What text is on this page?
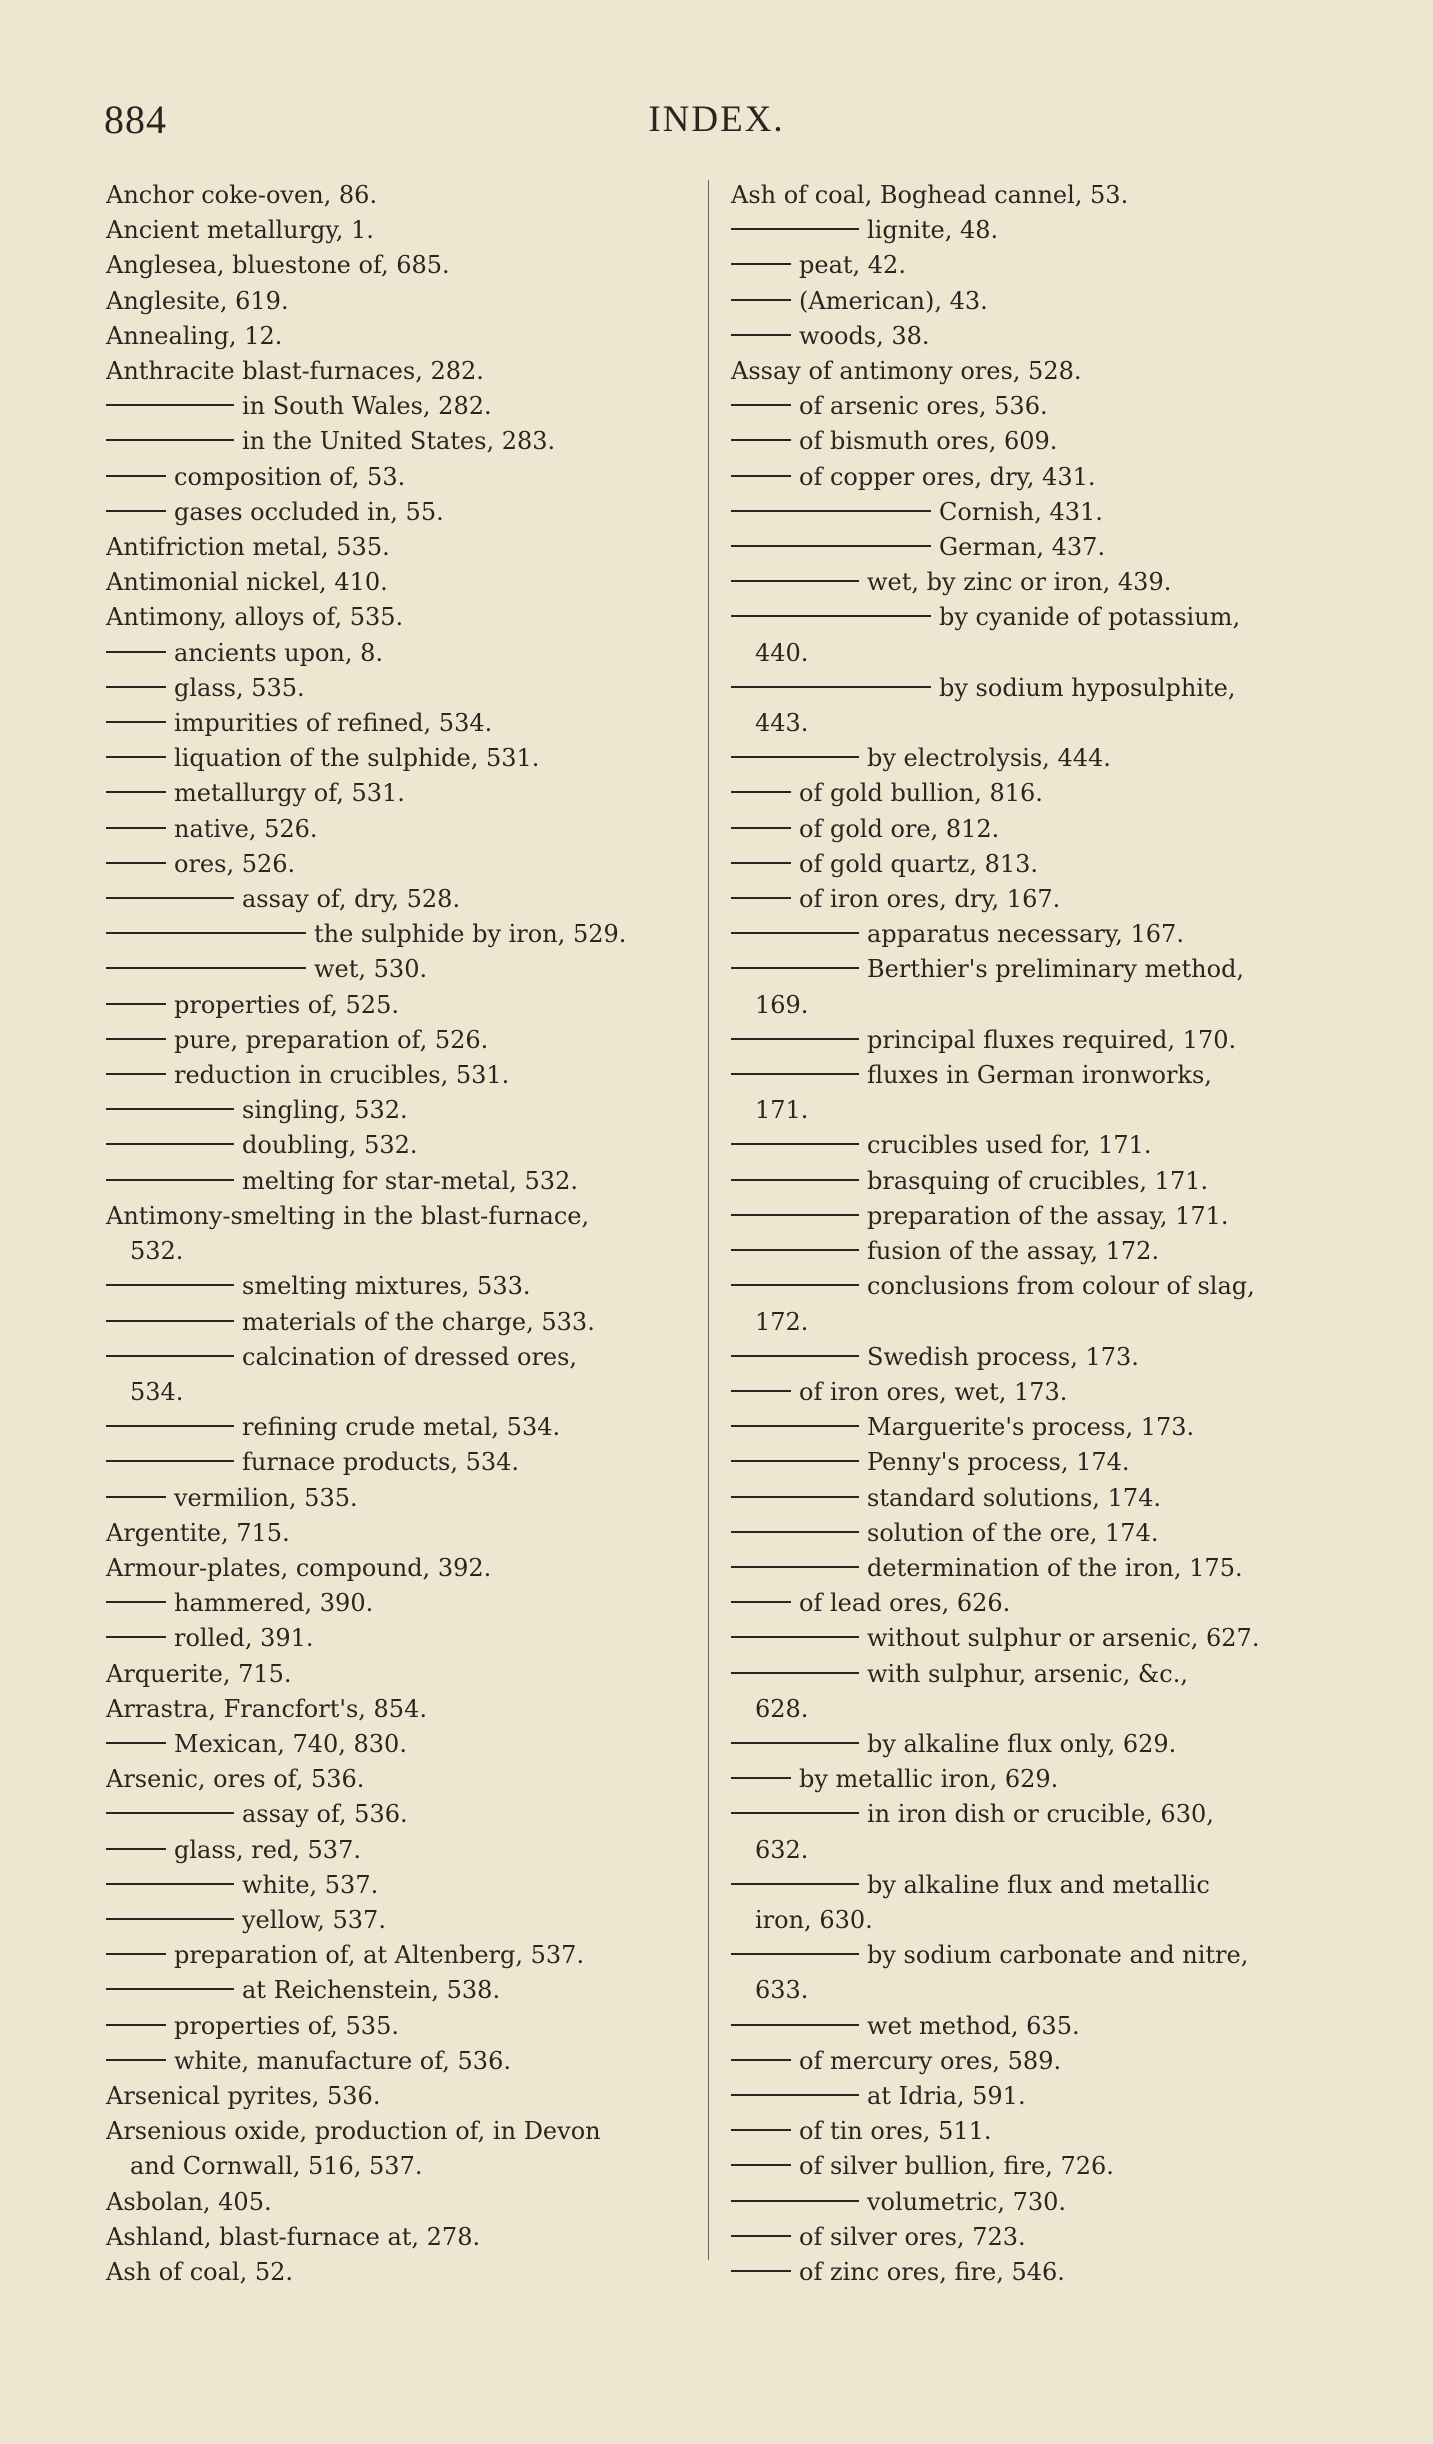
884	INDEX.
Anchor coke-oven, 86.
Ancient metallurgy, 1.
Anglesea, bluestone of, 685.
Anglesite, 619.
Annealing, 12.
Anthracite blast-furnaces, 282.
in South Wales, 282.
in the United States, 283.
composition of, 53.
gases occluded in, 55.
Antifriction metal, 535.
Antimonial nickel, 410.
Antimony, alloys of, 535.
ancients upon, 8.
glass, 535.
impurities of refined, 534.
liquation of the sulphide, 531.
metallurgy of, 531.
native, 526.
ores, 526.
assay of, dry, 528.
the sulphide by iron, 529.
wet, 530.
properties of, 525.
pure, preparation of, 526.
reduction in crucibles, 531.
singling, 532.
doubling, 532.
melting for star-metal, 532.
Antimony-smelting in the blast-furnace,
532.
smelting mixtures, 533.
materials of the charge, 533.
calcination of dressed ores,
534.
refining crude metal, 534.
furnace products, 534.
vermilion, 535.
Argentite, 715.
Armour-plates, compound, 392.
hammered, 390.
rolled, 391.
Arquerite, 715.
Arrastra, Francfort's, 854.
Mexican, 740, 830.
Arsenic, ores of, 536.
assay of, 536.
glass, red, 537.
white, 537.
yellow, 537.
preparation of, at Altenberg, 537.
at Reichenstein, 538.
properties of, 535.
white, manufacture of, 536.
Arsenical pyrites, 536.
Arsenious oxide, production of, in Devon
and Cornwall, 516, 537.
Asbolan, 405.
Ashland, blast-furnace at, 278.
Ash of coal, 52.
Ash of coal, Boghead cannel, 53.
lignite, 48.
peat, 42.
(American), 43.
woods, 38.
Assay of antimony ores, 528.
of arsenic ores, 536.
of bismuth ores, 609.
of copper ores, dry, 431.
Cornish, 431.
German, 437.
wet, by zinc or iron, 439.
by cyanide of potassium,
440.
by sodium hyposulphite,
443.
by electrolysis, 444.
of gold bullion, 816.
of gold ore, 812.
of gold quartz, 813.
of iron ores, dry, 167.
apparatus necessary, 167.
Berthier's preliminary method,
169.
principal fluxes required, 170.
fluxes in German ironworks,
171.
crucibles used for, 171.
brasquing of crucibles, 171.
preparation of the assay, 171.
fusion of the assay, 172.
conclusions from colour of slag,
172.
Swedish process, 173.
of iron ores, wet, 173.
Marguerite's process, 173.
Penny's process, 174.
standard solutions, 174.
solution of the ore, 174.
determination of the iron, 175.
of lead ores, 626.
without sulphur or arsenic, 627.
with sulphur, arsenic, &c.,
628.
by alkaline flux only, 629.
by metallic iron, 629.
in iron dish or crucible, 630,
632.
by alkaline flux and metallic
iron, 630.
by sodium carbonate and nitre,
633.
wet method, 635.
of mercury ores, 589.
at Idria, 591.
of tin ores, 511.
of silver bullion, fire, 726.
volumetric, 730.
of silver ores, 723.
of zinc ores, fire, 546.
